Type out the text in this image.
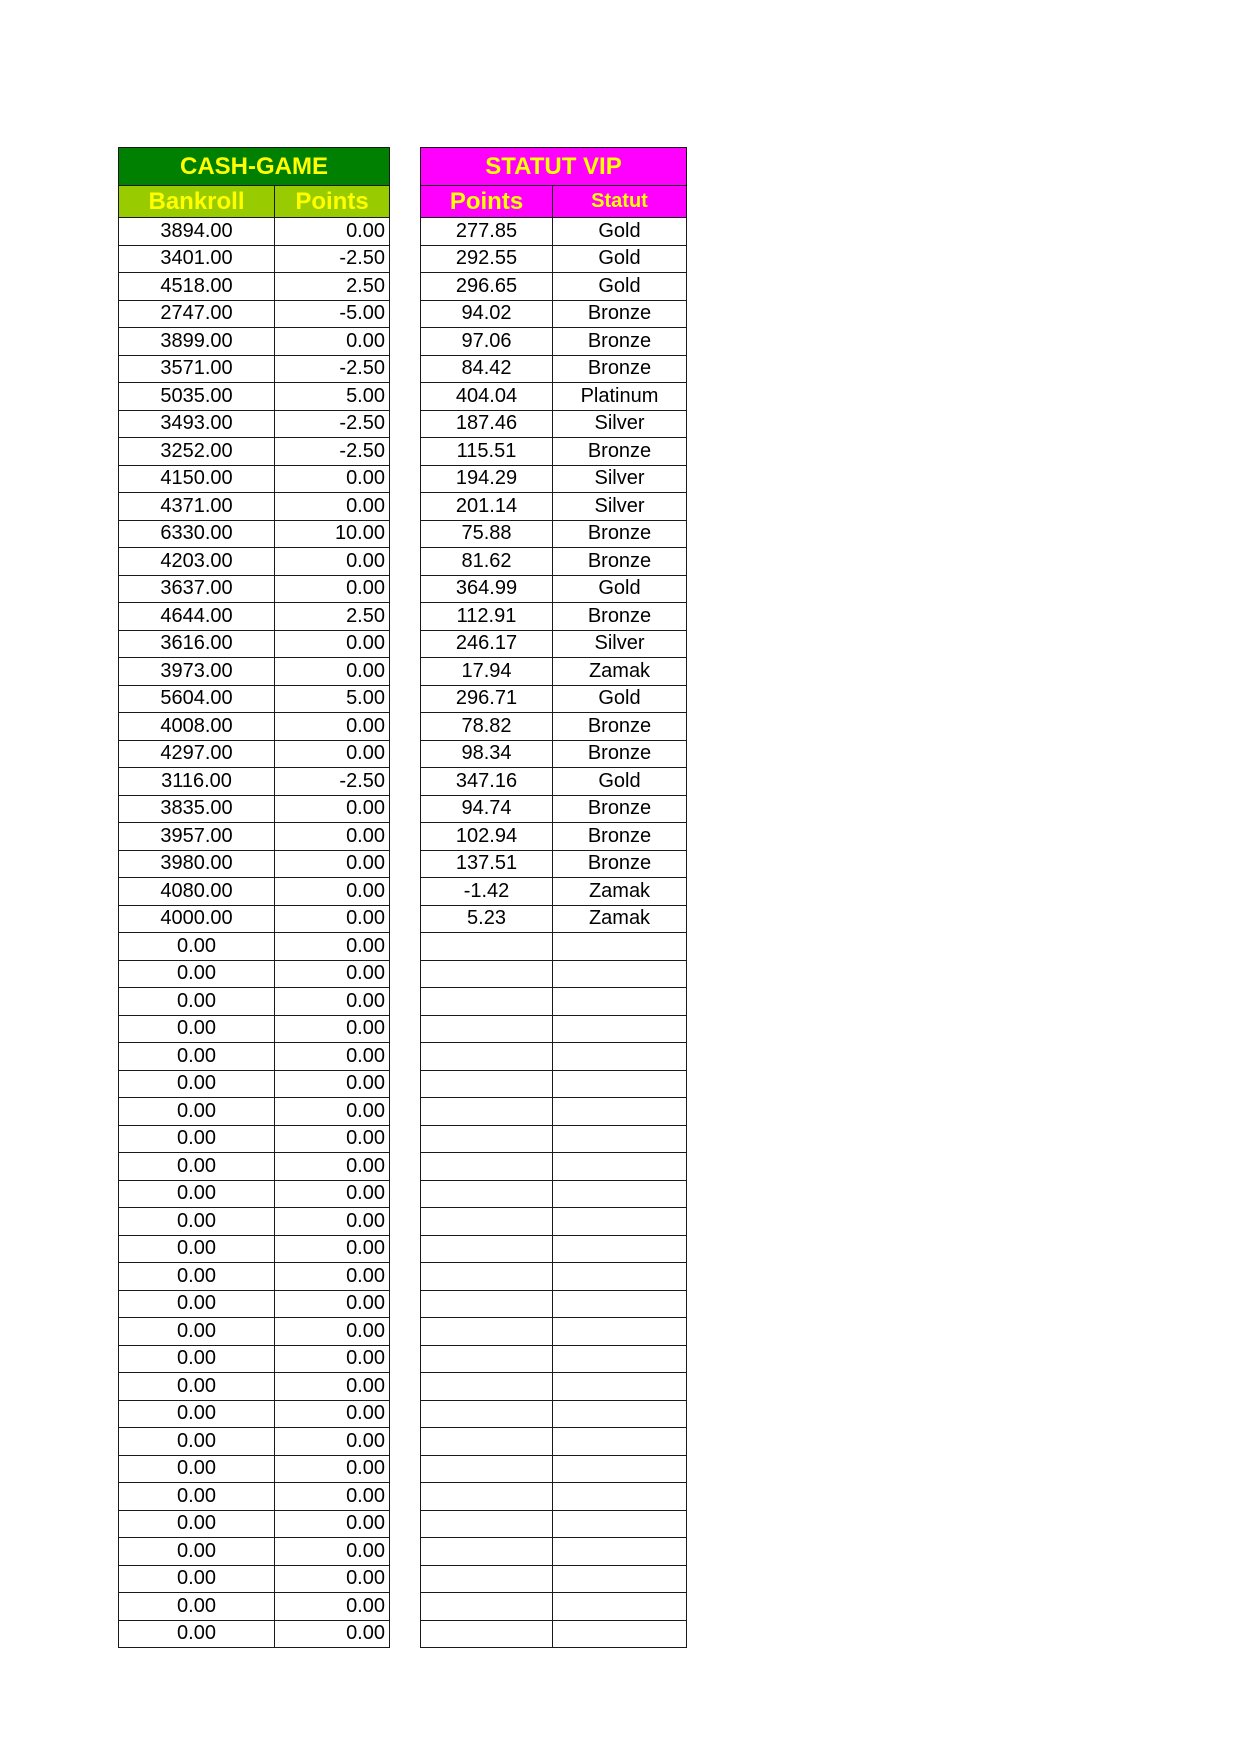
CASH-GAME	
Bankroll	Points
3894.00	0.00
3401.00	-2.50
4518.00	2.50
2747.00	-5.00
3899.00	0.00
3571.00	-2.50
5035.00	5.00
3493.00	-2.50
3252.00	-2.50
4150.00	0.00
4371.00	0.00
6330.00	10.00
4203.00	0.00
3637.00	0.00
4644.00	2.50
3616.00	0.00
3973.00	0.00
5604.00	5.00
4008.00	0.00
4297.00	0.00
3116.00	-2.50
3835.00	0.00
3957.00	0.00
3980.00	0.00
4080.00	0.00
4000.00	0.00
0.00	0.00
0.00	0.00
0.00	0.00
0.00	0.00
0.00	0.00
0.00	0.00
0.00	0.00
0.00	0.00
0.00	0.00
0.00	0.00
0.00	0.00
0.00	0.00
0.00	0.00
0.00	0.00
0.00	0.00
0.00	0.00
0.00	0.00
0.00	0.00
0.00	0.00
0.00	0.00
0.00	0.00
0.00	0.00
0.00	0.00
0.00	0.00
0.00	0.00
0.00	0.00
STATUT VIP	
Points	Statut
277.85	Gold
292.55	Gold
296.65	Gold
94.02	Bronze
97.06	Bronze
84.42	Bronze
404.04	Platinum
187.46	Silver
115.51	Bronze
194.29	Silver
201.14	Silver
75.88	Bronze
81.62	Bronze
364.99	Gold
112.91	Bronze
246.17	Silver
17.94	Zamak
296.71	Gold
78.82	Bronze
98.34	Bronze
347.16	Gold
94.74	Bronze
102.94	Bronze
137.51	Bronze
-1.42	Zamak
5.23	Zamak
